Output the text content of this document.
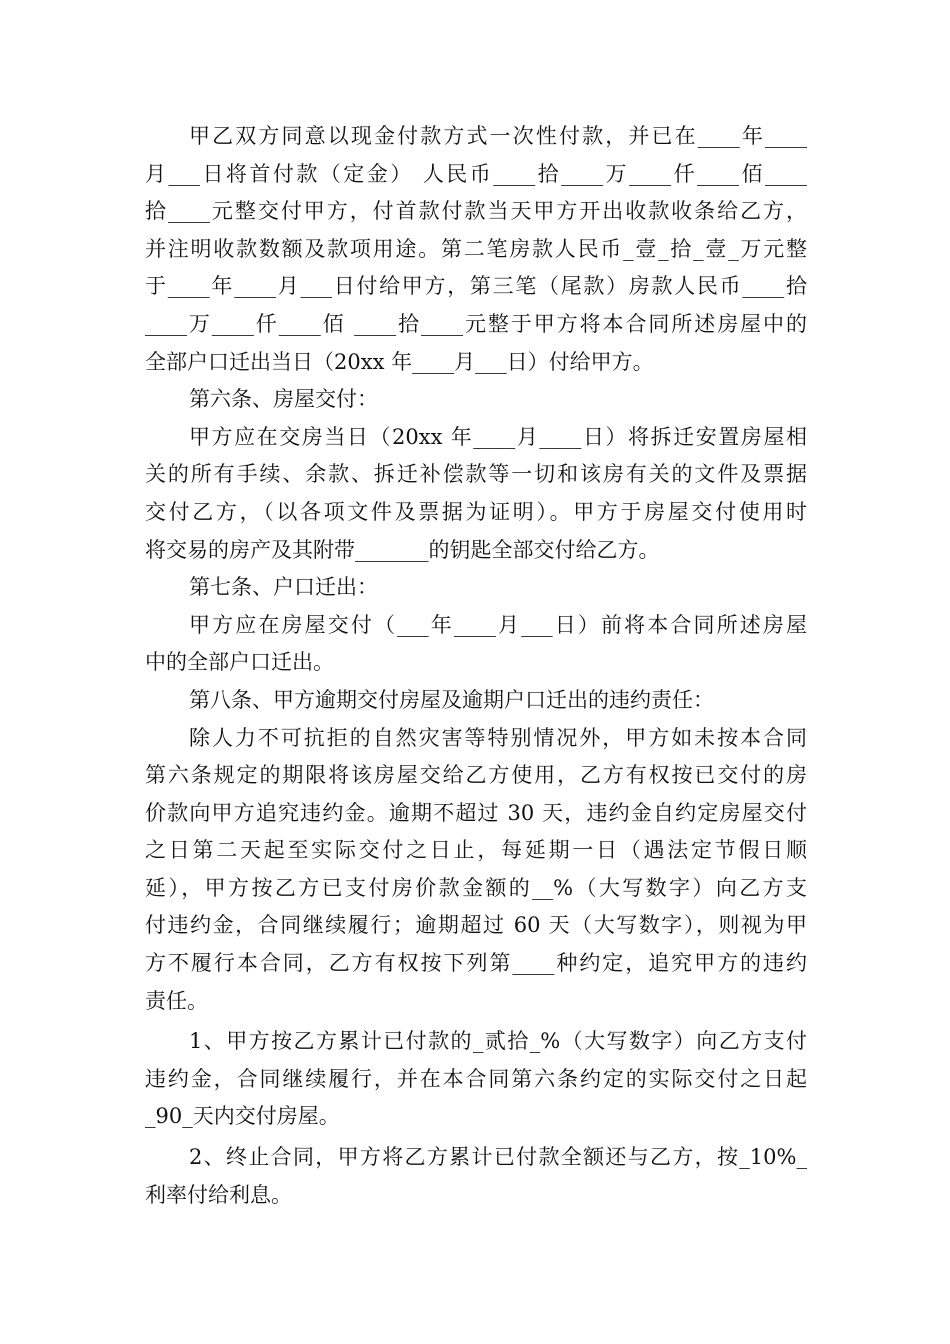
甲乙双方同意以现金付款方式一次性付款，并已在____年____
月___日将首付款（定金） 人民币____拾____万____仟____佰____
拾____元整交付甲方，付首款付款当天甲方开出收款收条给乙方，
并注明收款数额及款项用途。第二笔房款人民币_壹_拾_壹_万元整
于____年____月___日付给甲方，第三笔（尾款）房款人民币____拾
____万____仟____佰 ____拾____元整于甲方将本合同所述房屋中的
全部户口迁出当日（20xx 年____月___日）付给甲方。
第六条、房屋交付：
甲方应在交房当日（20xx 年____月____日）将拆迁安置房屋相
关的所有手续、余款、拆迁补偿款等一切和该房有关的文件及票据
交付乙方，（以各项文件及票据为证明）。甲方于房屋交付使用时
将交易的房产及其附带_______的钥匙全部交付给乙方。
第七条、户口迁出：
甲方应在房屋交付（___年____月___日）前将本合同所述房屋
中的全部户口迁出。
第八条、甲方逾期交付房屋及逾期户口迁出的违约责任：
除人力不可抗拒的自然灾害等特别情况外，甲方如未按本合同
第六条规定的期限将该房屋交给乙方使用，乙方有权按已交付的房
价款向甲方追究违约金。逾期不超过 30 天，违约金自约定房屋交付
之日第二天起至实际交付之日止，每延期一日（遇法定节假日顺
延），甲方按乙方已支付房价款金额的__%（大写数字）向乙方支
付违约金，合同继续履行；逾期超过 60 天（大写数字），则视为甲
方不履行本合同，乙方有权按下列第____种约定，追究甲方的违约
责任。
1、甲方按乙方累计已付款的_贰拾_%（大写数字）向乙方支付
违约金，合同继续履行，并在本合同第六条约定的实际交付之日起
_90_天内交付房屋。
2、终止合同，甲方将乙方累计已付款全额还与乙方，按_10%_
利率付给利息。
